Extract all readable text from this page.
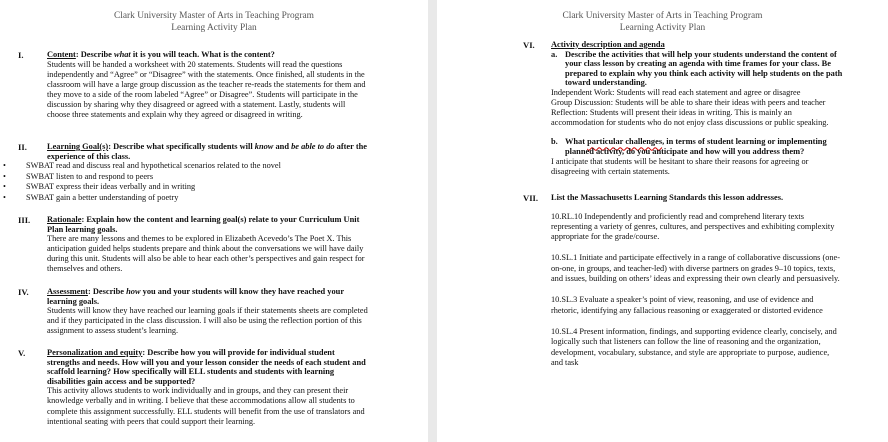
Clark University Master of Arts in Teaching Program
Learning Activity Plan
I.	Content: Describe what it is you will teach. What is the content?
Students will be handed a worksheet with 20 statements. Students will read the questions independently and “Agree” or “Disagree” with the statements. Once finished, all students in the classroom will have a large group discussion as the teacher re-reads the statements for them and they move to a side of the room labeled “Agree” or Disagree”. Students will participate in the discussion by sharing why they disagreed or agreed with a statement. Lastly, students will choose three statements and explain why they agreed or disagreed in writing.
II. Learning Goal(s): Describe what specifically students will know and be able to do after the experience of this class.
• SWBAT read and discuss real and hypothetical scenarios related to the novel
• SWBAT listen to and respond to peers
• SWBAT express their ideas verbally and in writing
• SWBAT gain a better understanding of poetry
III. Rationale: Explain how the content and learning goal(s) relate to your Curriculum Unit Plan learning goals.
There are many lessons and themes to be explored in Elizabeth Acevedo’s The Poet X. This anticipation guided helps students prepare and think about the conversations we will have daily during this unit. Students will also be able to hear each other’s perspectives and gain respect for themselves and others.
IV. Assessment: Describe how you and your students will know they have reached your learning goals.
Students will know they have reached our learning goals if their statements sheets are completed and if they participated in the class discussion. I will also be using the reflection portion of this assignment to assess student’s learning.
V.	Personalization and equity: Describe how you will provide for individual student strengths and needs. How will you and your lesson consider the needs of each student and scaffold learning? How specifically will ELL students and students with learning disabilities gain access and be supported?
This activity allows students to work individually and in groups, and they can present their knowledge verbally and in writing. I believe that these accommodations allow all students to complete this assignment successfully. ELL students will benefit from the use of translators and intentional seating with peers that could support their learning.
Clark University Master of Arts in Teaching Program
Learning Activity Plan
VI. Activity description and agenda
a. Describe the activities that will help your students understand the content of your class lesson by creating an agenda with time frames for your class. Be prepared to explain why you think each activity will help students on the path toward understanding.
Independent Work: Students will read each statement and agree or disagree
Group Discussion: Students will be able to share their ideas with peers and teacher
Reflection: Students will present their ideas in writing. This is mainly an accommodation for students who do not enjoy class discussions or public speaking.
b. What particular challenges, in terms of student learning or implementing planned activity, do you anticipate and how will you address them?
I anticipate that students will be hesitant to share their reasons for agreeing or disagreeing with certain statements.
VII. List the Massachusetts Learning Standards this lesson addresses.

10.RL.10 Independently and proficiently read and comprehend literary texts representing a variety of genres, cultures, and perspectives and exhibiting complexity appropriate for the grade/course.

10.SL.1 Initiate and participate effectively in a range of collaborative discussions (one-on-one, in groups, and teacher-led) with diverse partners on grades 9–10 topics, texts, and issues, building on others’ ideas and expressing their own clearly and persuasively.

10.SL.3 Evaluate a speaker’s point of view, reasoning, and use of evidence and rhetoric, identifying any fallacious reasoning or exaggerated or distorted evidence

10.SL.4 Present information, findings, and supporting evidence clearly, concisely, and logically such that listeners can follow the line of reasoning and the organization, development, vocabulary, substance, and style are appropriate to purpose, audience, and task
